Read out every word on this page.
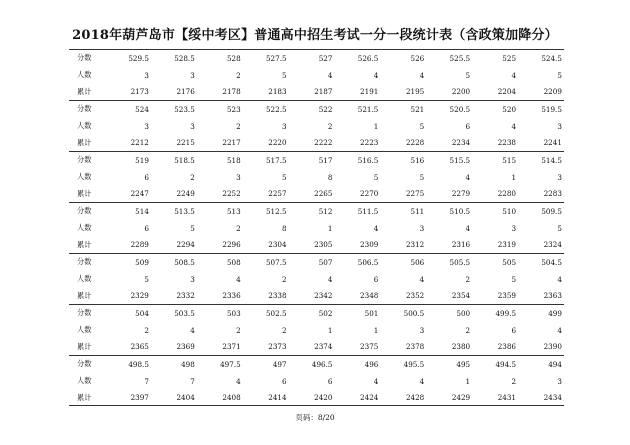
2018年葫芦岛市【绥中考区】普通高中招生考试一分一段统计表（含政策加降分）
分数	529.5	528.5	528	527.5	527	526.5	526	525.5	525	524.5
人数	3	3	2	5	4	4	4	5	4	5
累计	2173	2176	2178	2183	2187	2191	2195	2200	2204	2209
分数	524	523.5	523	522.5	522	521.5	521	520.5	520	519.5
人数	3	3	2	3	2	1	5	6	4	3
累计	2212	2215	2217	2220	2222	2223	2228	2234	2238	2241
分数	519	518.5	518	517.5	517	516.5	516	515.5	515	514.5
人数	6	2	3	5	8	5	5	4	1	3
累计	2247	2249	2252	2257	2265	2270	2275	2279	2280	2283
分数	514	513.5	513	512.5	512	511.5	511	510.5	510	509.5
人数	6	5	2	8	1	4	3	4	3	5
累计	2289	2294	2296	2304	2305	2309	2312	2316	2319	2324
分数	509	508.5	508	507.5	507	506.5	506	505.5	505	504.5
人数	5	3	4	2	4	6	4	2	5	4
累计	2329	2332	2336	2338	2342	2348	2352	2354	2359	2363
分数	504	503.5	503	502.5	502	501	500.5	500	499.5	499
人数	2	4	2	2	1	1	3	2	6	4
累计	2365	2369	2371	2373	2374	2375	2378	2380	2386	2390
分数	498.5	498	497.5	497	496.5	496	495.5	495	494.5	494
人数	7	7	4	6	6	4	4	1	2	3
累计	2397	2404	2408	2414	2420	2424	2428	2429	2431	2434
页码：8/20
